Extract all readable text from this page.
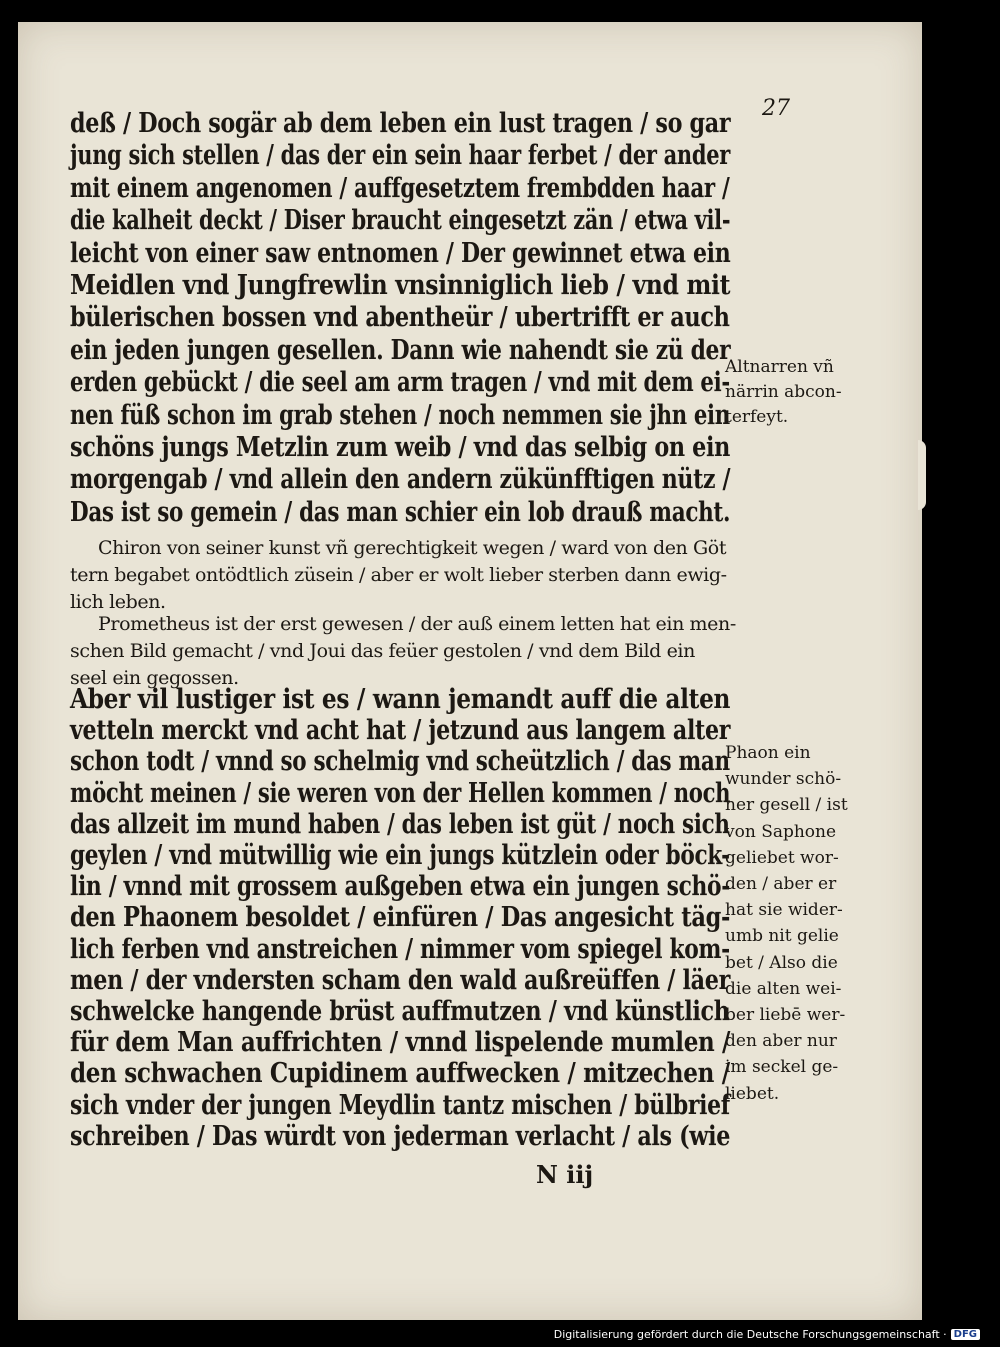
27
deß / Doch sogär ab dem leben ein lust tragen / so gar
jung sich stellen / das der ein sein haar ferbet / der ander
mit einem angenomen / auffgesetztem frembdden haar /
die kalheit deckt / Diser braucht eingesetzt zän / etwa vil-
leicht von einer saw entnomen / Der gewinnet etwa ein
Meidlen vnd Jungfrewlin vnsinniglich lieb / vnd mit
bülerischen bossen vnd abentheür / ubertrifft er auch
ein jeden jungen gesellen. Dann wie nahendt sie zü der
erden gebückt / die seel am arm tragen / vnd mit dem ei-
nen füß schon im grab stehen / noch nemmen sie jhn ein
schöns jungs Metzlin zum weib / vnd das selbig on ein
morgengab / vnd allein den andern zükünfftigen nütz /
Das ist so gemein / das man schier ein lob drauß macht.
Chiron von seiner kunst vñ gerechtigkeit wegen / ward von den Göt
tern begabet ontödtlich züsein / aber er wolt lieber sterben dann ewig-
lich leben.
Prometheus ist der erst gewesen / der auß einem letten hat ein men-
schen Bild gemacht / vnd Joui das feüer gestolen / vnd dem Bild ein
seel ein gegossen.
Aber vil lustiger ist es / wann jemandt auff die alten
vetteln merckt vnd acht hat / jetzund aus langem alter
schon todt / vnnd so schelmig vnd scheützlich / das man
möcht meinen / sie weren von der Hellen kommen / noch
das allzeit im mund haben / das leben ist güt / noch sich
geylen / vnd mütwillig wie ein jungs kützlein oder böck-
lin / vnnd mit grossem außgeben etwa ein jungen schö-
den Phaonem besoldet / einfüren / Das angesicht täg-
lich ferben vnd anstreichen / nimmer vom spiegel kom-
men / der vndersten scham den wald außreüffen / läer
schwelcke hangende brüst auffmutzen / vnd künstlich
für dem Man auffrichten / vnnd lispelende mumlen /
den schwachen Cupidinem auffwecken / mitzechen /
sich vnder der jungen Meydlin tantz mischen / bülbrief
schreiben / Das würdt von jederman verlacht / als (wie
Altnarren vñ
närrin abcon-
terfeyt.
Phaon ein
wunder schö-
ner gesell / ist
von Saphone
geliebet wor-
den / aber er
hat sie wider-
umb nit gelie
bet / Also die
die alten wei-
ber liebē wer-
den aber nur
im seckel ge-
liebet.
N iij
Digitalisierung gefördert durch die Deutsche Forschungsgemeinschaft · DFG
